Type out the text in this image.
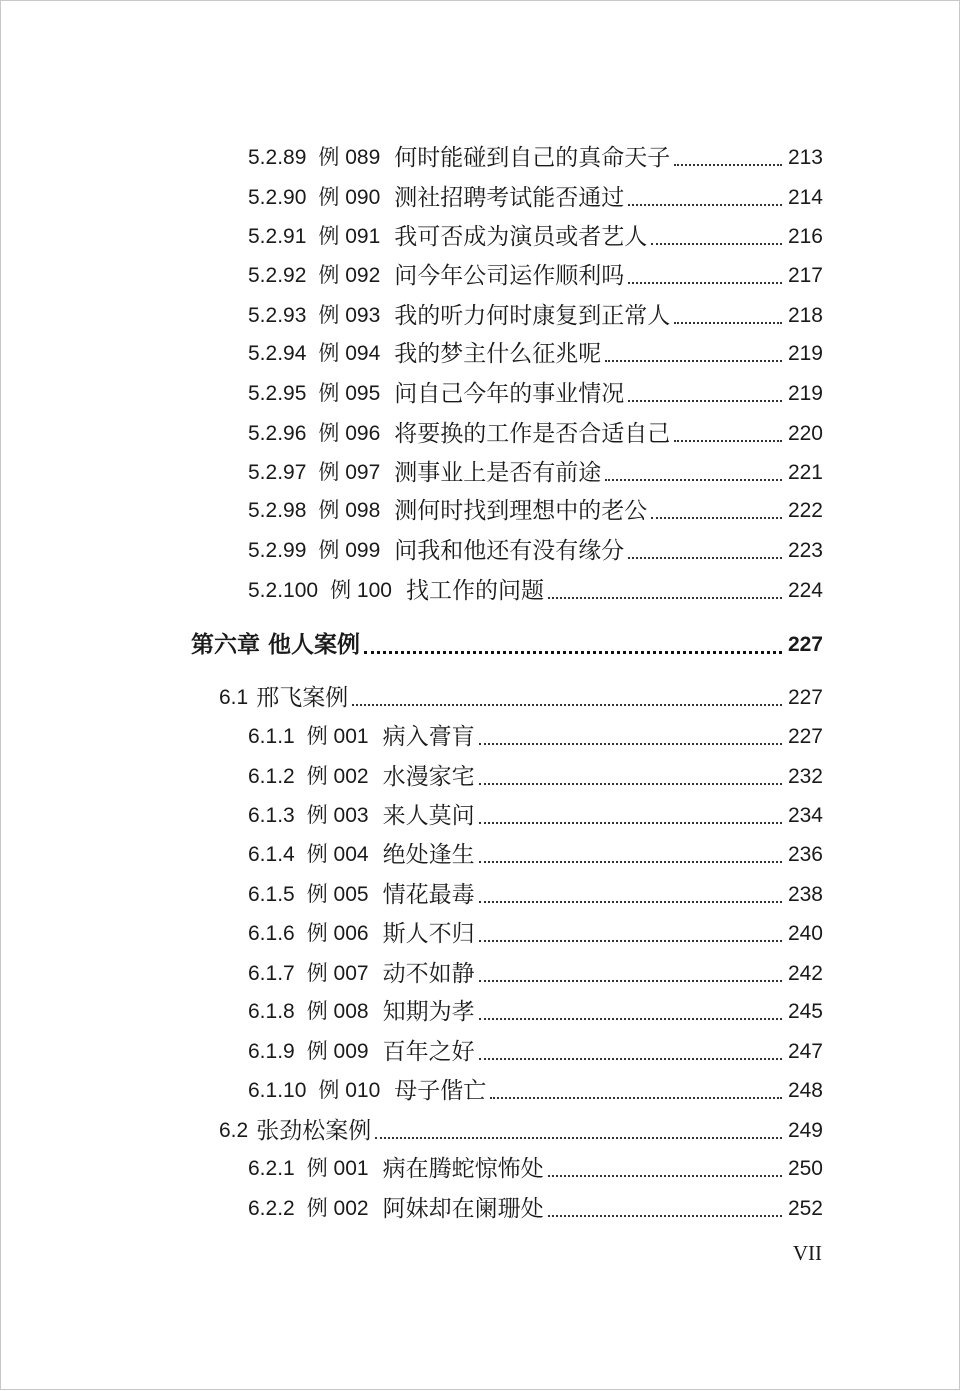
5.2.89 例 089 何时能碰到自己的真命天子	213
5.2.90 例 090 测社招聘考试能否通过	214
5.2.91 例 091 我可否成为演员或者艺人	216
5.2.92 例 092 问今年公司运作顺利吗	217
5.2.93 例 093 我的听力何时康复到正常人	218
5.2.94 例 094 我的梦主什么征兆呢	219
5.2.95 例 095 问自己今年的事业情况	219
5.2.96 例 096 将要换的工作是否合适自己	220
5.2.97 例 097 测事业上是否有前途	221
5.2.98 例 098 测何时找到理想中的老公	222
5.2.99 例 099 问我和他还有没有缘分	223
5.2.100 例 100 找工作的问题	224
第六章 他人案例	227
6.1 邢飞案例	227
6.1.1 例 001 病入膏肓	227
6.1.2 例 002 水漫家宅	232
6.1.3 例 003 来人莫问	234
6.1.4 例 004 绝处逢生	236
6.1.5 例 005 情花最毒	238
6.1.6 例 006 斯人不归	240
6.1.7 例 007 动不如静	242
6.1.8 例 008 知期为孝	245
6.1.9 例 009 百年之好	247
6.1.10 例 010 母子偕亡	248
6.2 张劲松案例	249
6.2.1 例 001 病在腾蛇惊怖处	250
6.2.2 例 002 阿妹却在阑珊处	252
VII
